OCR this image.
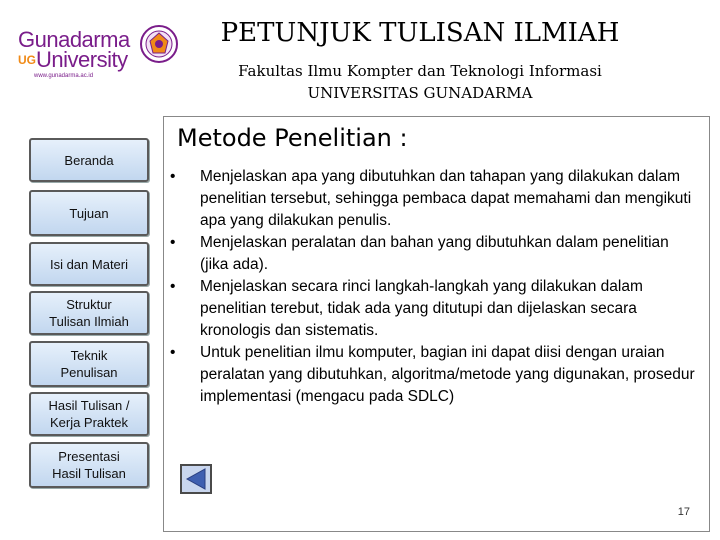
Gunadarma
UG University
www.gunadarma.ac.id
PETUNJUK TULISAN ILMIAH
Fakultas Ilmu Kompter dan Teknologi Informasi
UNIVERSITAS GUNADARMA
Beranda
Tujuan
Isi dan Materi
Struktur
Tulisan Ilmiah
Teknik
Penulisan
Hasil Tulisan /
Kerja Praktek
Presentasi
Hasil Tulisan
Metode Penelitian :
•	Menjelaskan apa yang dibutuhkan dan tahapan yang dilakukan dalam penelitian tersebut, sehingga pembaca dapat memahami dan mengikuti apa yang dilakukan penulis.
•	Menjelaskan peralatan dan bahan yang dibutuhkan dalam penelitian (jika ada).
•	Menjelaskan secara rinci langkah-langkah yang dilakukan dalam penelitian terebut, tidak ada yang ditutupi dan dijelaskan secara kronologis dan sistematis.
•	Untuk penelitian ilmu komputer, bagian ini dapat diisi dengan uraian peralatan yang dibutuhkan, algoritma/metode yang digunakan, prosedur implementasi (mengacu pada SDLC)
17
